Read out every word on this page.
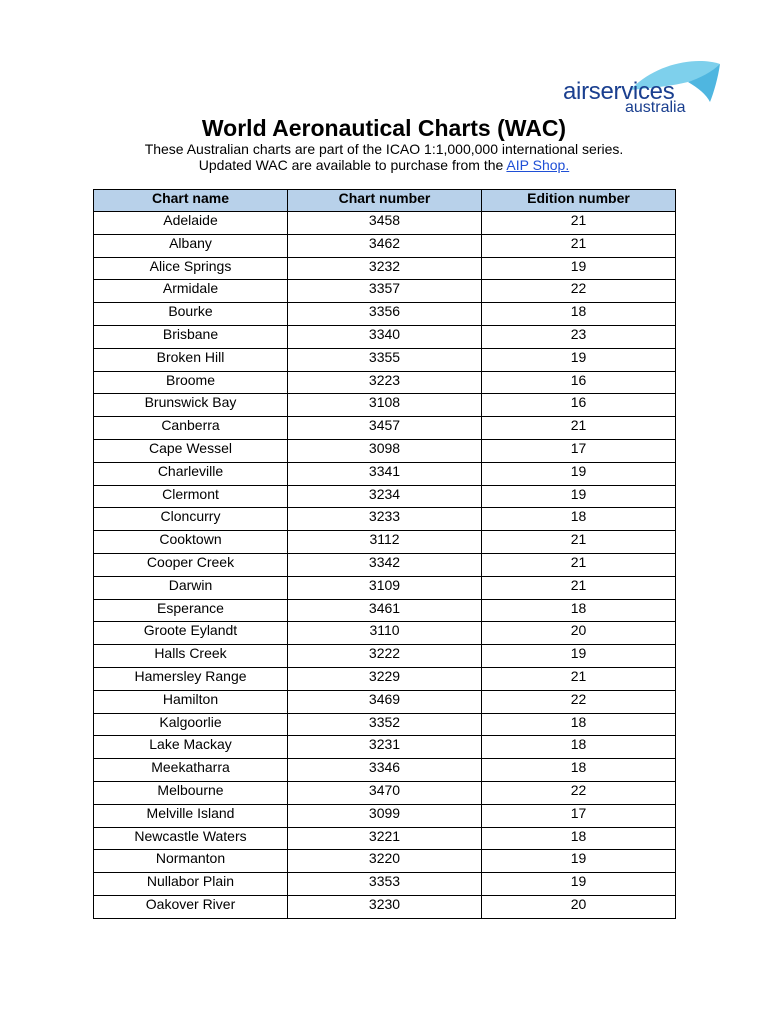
airservices
australia
World Aeronautical Charts (WAC)
These Australian charts are part of the ICAO 1:1,000,000 international series.
Updated WAC are available to purchase from the AIP Shop.
Chart name	Chart number	Edition number
Adelaide	3458	21
Albany	3462	21
Alice Springs	3232	19
Armidale	3357	22
Bourke	3356	18
Brisbane	3340	23
Broken Hill	3355	19
Broome	3223	16
Brunswick Bay	3108	16
Canberra	3457	21
Cape Wessel	3098	17
Charleville	3341	19
Clermont	3234	19
Cloncurry	3233	18
Cooktown	3112	21
Cooper Creek	3342	21
Darwin	3109	21
Esperance	3461	18
Groote Eylandt	3110	20
Halls Creek	3222	19
Hamersley Range	3229	21
Hamilton	3469	22
Kalgoorlie	3352	18
Lake Mackay	3231	18
Meekatharra	3346	18
Melbourne	3470	22
Melville Island	3099	17
Newcastle Waters	3221	18
Normanton	3220	19
Nullabor Plain	3353	19
Oakover River	3230	20
